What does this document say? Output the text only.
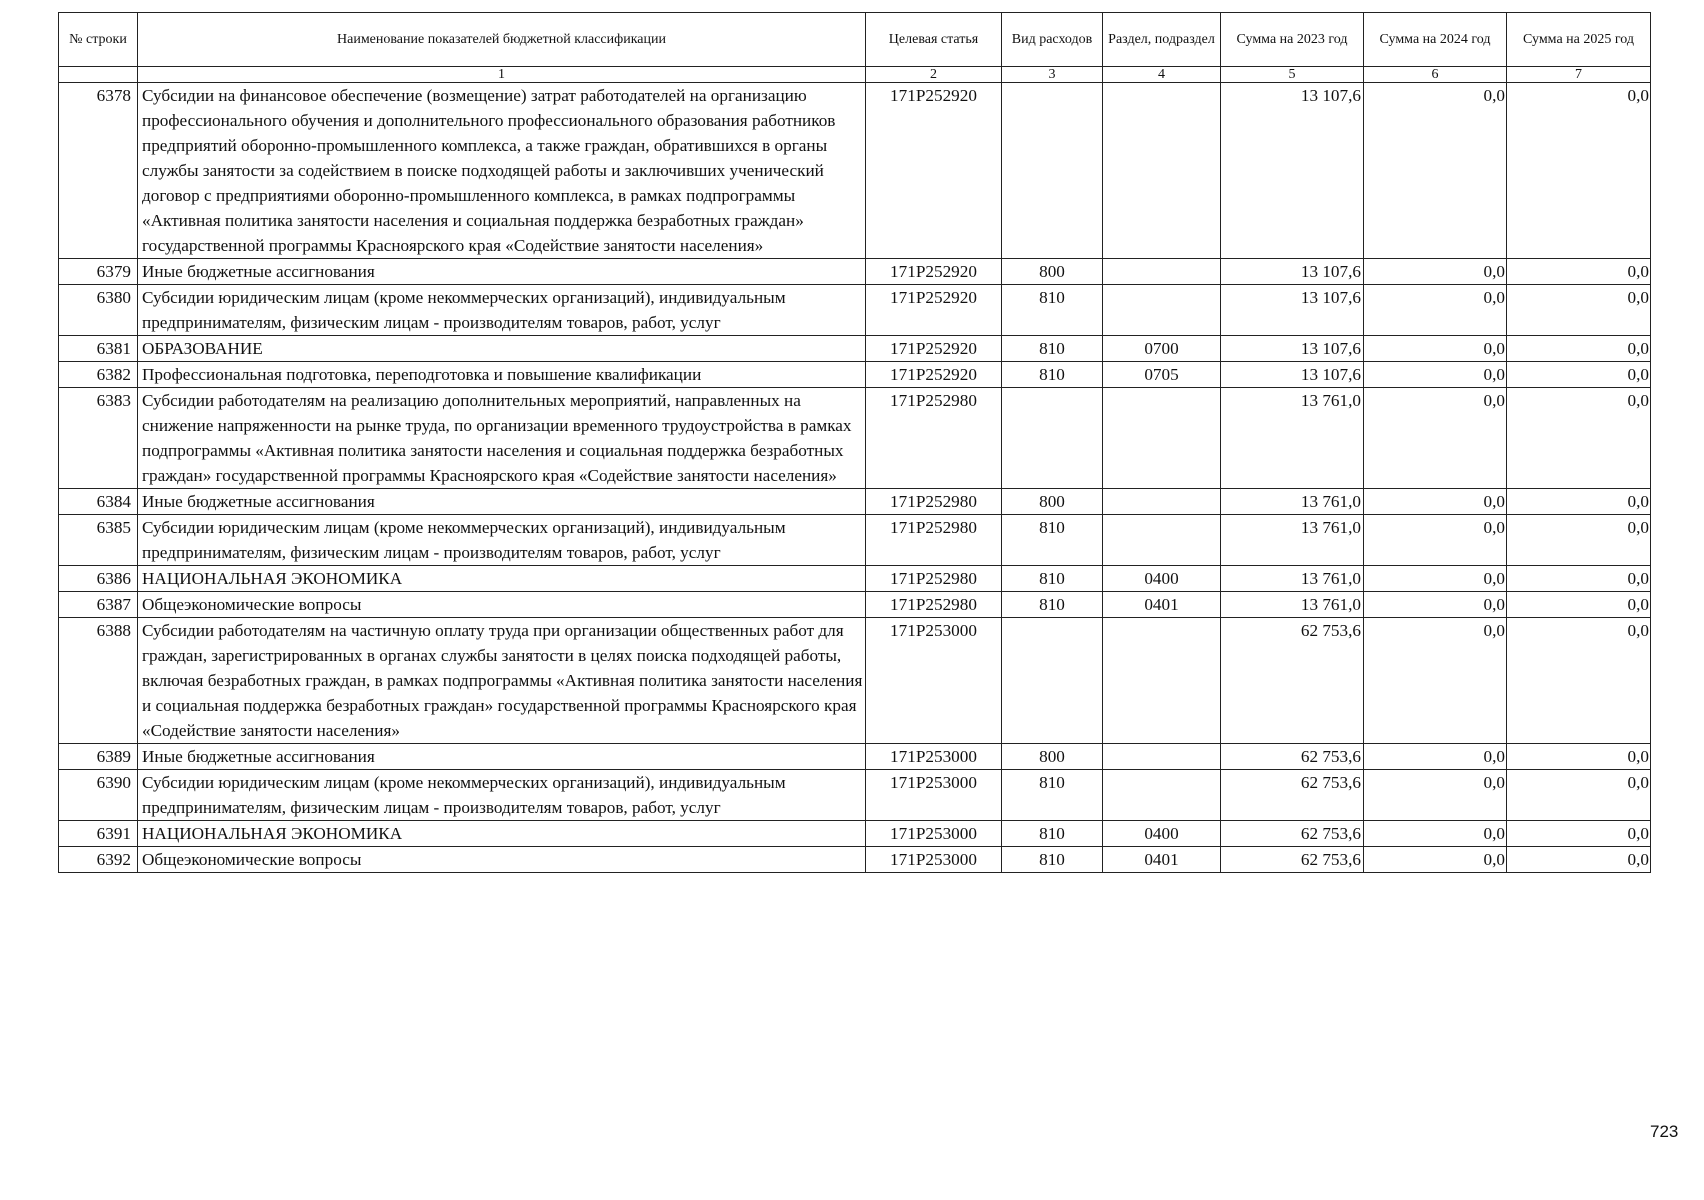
№ строки	Наименование показателей бюджетной классификации	Целевая статья	Вид расходов	Раздел, подраздел	Сумма на 2023 год	Сумма на 2024 год	Сумма на 2025 год
	1	2	3	4	5	6	7
6378	Субсидии на финансовое обеспечение (возмещение) затрат работодателей на организацию профессионального обучения и дополнительного профессионального образования работников предприятий оборонно-промышленного комплекса, а также граждан, обратившихся в органы службы занятости за содействием в поиске подходящей работы и заключивших ученический договор с предприятиями оборонно-промышленного комплекса, в рамках подпрограммы «Активная политика занятости населения и социальная поддержка безработных граждан» государственной программы Красноярского края «Содействие занятости населения»	171P252920			13 107,6	0,0	0,0
6379	Иные бюджетные ассигнования	171P252920	800		13 107,6	0,0	0,0
6380	Субсидии юридическим лицам (кроме некоммерческих организаций), индивидуальным предпринимателям, физическим лицам - производителям товаров, работ, услуг	171P252920	810		13 107,6	0,0	0,0
6381	ОБРАЗОВАНИЕ	171P252920	810	0700	13 107,6	0,0	0,0
6382	Профессиональная подготовка, переподготовка и повышение квалификации	171P252920	810	0705	13 107,6	0,0	0,0
6383	Субсидии работодателям на реализацию дополнительных мероприятий, направленных на снижение напряженности на рынке труда, по организации временного трудоустройства в рамках подпрограммы «Активная политика занятости населения и социальная поддержка безработных граждан» государственной программы Красноярского края «Содействие занятости населения»	171P252980			13 761,0	0,0	0,0
6384	Иные бюджетные ассигнования	171P252980	800		13 761,0	0,0	0,0
6385	Субсидии юридическим лицам (кроме некоммерческих организаций), индивидуальным предпринимателям, физическим лицам - производителям товаров, работ, услуг	171P252980	810		13 761,0	0,0	0,0
6386	НАЦИОНАЛЬНАЯ ЭКОНОМИКА	171P252980	810	0400	13 761,0	0,0	0,0
6387	Общеэкономические вопросы	171P252980	810	0401	13 761,0	0,0	0,0
6388	Субсидии работодателям на частичную оплату труда при организации общественных работ для граждан, зарегистрированных в органах службы занятости в целях поиска подходящей работы, включая безработных граждан, в рамках подпрограммы «Активная политика занятости населения и социальная поддержка безработных граждан» государственной программы Красноярского края «Содействие занятости населения»	171P253000			62 753,6	0,0	0,0
6389	Иные бюджетные ассигнования	171P253000	800		62 753,6	0,0	0,0
6390	Субсидии юридическим лицам (кроме некоммерческих организаций), индивидуальным предпринимателям, физическим лицам - производителям товаров, работ, услуг	171P253000	810		62 753,6	0,0	0,0
6391	НАЦИОНАЛЬНАЯ ЭКОНОМИКА	171P253000	810	0400	62 753,6	0,0	0,0
6392	Общеэкономические вопросы	171P253000	810	0401	62 753,6	0,0	0,0
723
